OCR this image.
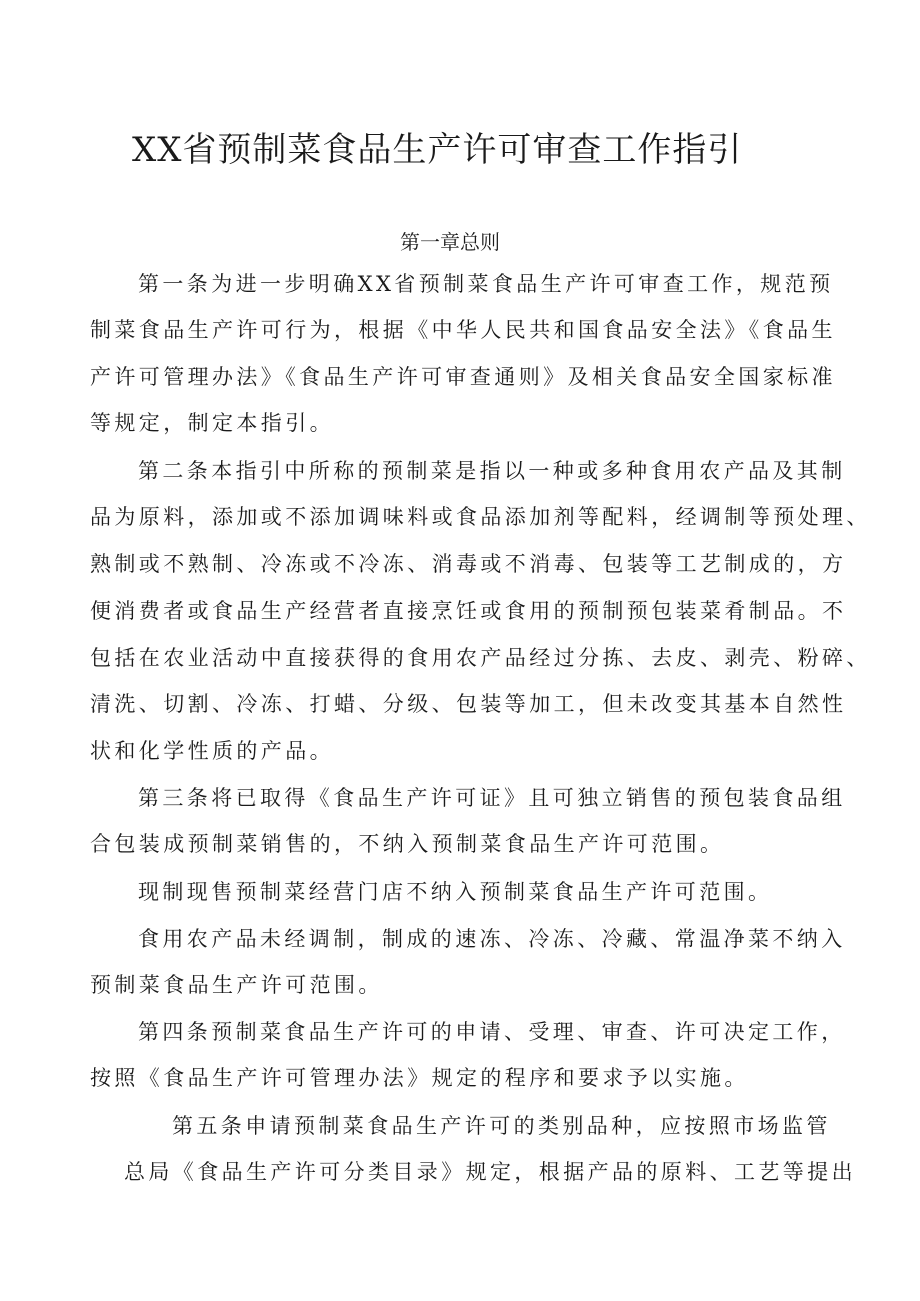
XX省预制菜食品生产许可审查工作指引
第一章总则

第一条为进一步明确XX省预制菜食品生产许可审查工作，规范预

制菜食品生产许可行为，根据《中华人民共和国食品安全法》《食品生

产许可管理办法》《食品生产许可审查通则》及相关食品安全国家标准

等规定，制定本指引。

第二条本指引中所称的预制菜是指以一种或多种食用农产品及其制

品为原料，添加或不添加调味料或食品添加剂等配料，经调制等预处理、

熟制或不熟制、冷冻或不冷冻、消毒或不消毒、包装等工艺制成的，方

便消费者或食品生产经营者直接烹饪或食用的预制预包装菜肴制品。不

包括在农业活动中直接获得的食用农产品经过分拣、去皮、剥壳、粉碎、

清洗、切割、冷冻、打蜡、分级、包装等加工，但未改变其基本自然性

状和化学性质的产品。

第三条将已取得《食品生产许可证》且可独立销售的预包装食品组

合包装成预制菜销售的，不纳入预制菜食品生产许可范围。

现制现售预制菜经营门店不纳入预制菜食品生产许可范围。

食用农产品未经调制，制成的速冻、冷冻、冷藏、常温净菜不纳入

预制菜食品生产许可范围。

第四条预制菜食品生产许可的申请、受理、审查、许可决定工作，

按照《食品生产许可管理办法》规定的程序和要求予以实施。

第五条申请预制菜食品生产许可的类别品种，应按照市场监管

总局《食品生产许可分类目录》规定，根据产品的原料、工艺等提出
